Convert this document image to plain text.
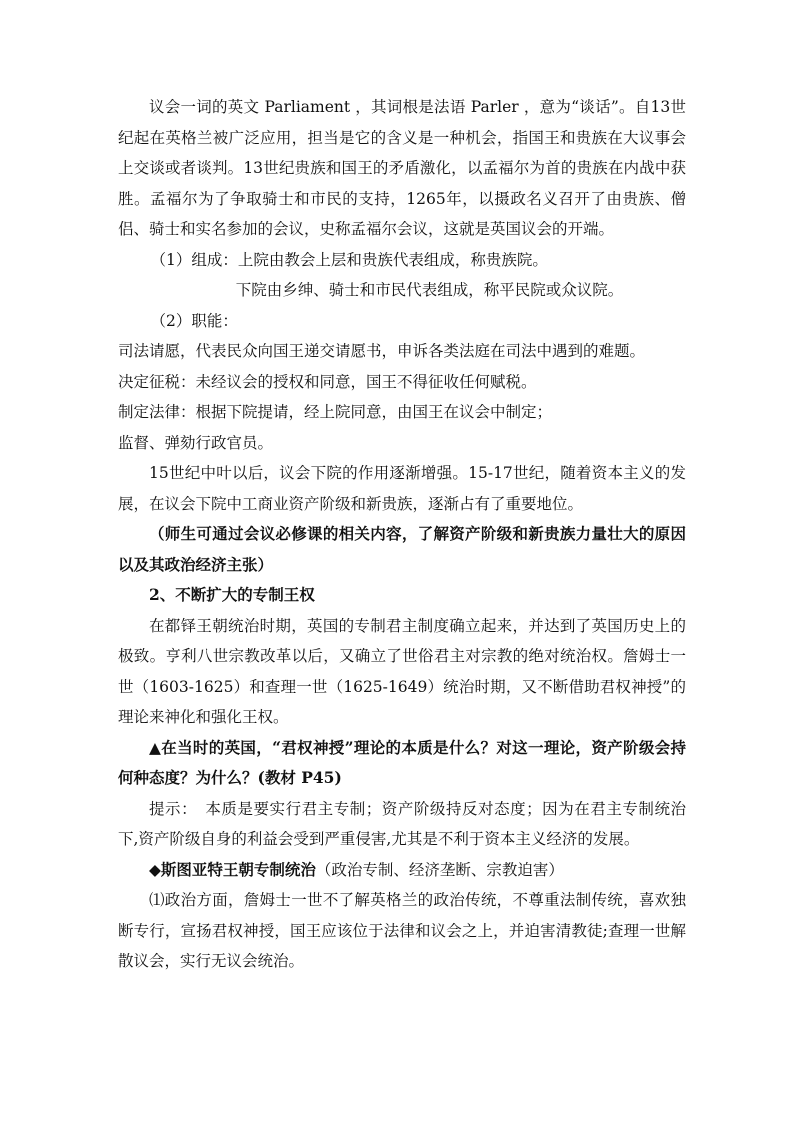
议会一词的英文 Parliament ，其词根是法语 Parler ，意为“谈话”。自13世纪起在英格兰被广泛应用，担当是它的含义是一种机会，指国王和贵族在大议事会上交谈或者谈判。13世纪贵族和国王的矛盾激化，以孟福尔为首的贵族在内战中获胜。孟福尔为了争取骑士和市民的支持，1265年，以摄政名义召开了由贵族、僧侣、骑士和实名参加的会议，史称孟福尔会议，这就是英国议会的开端。

（1）组成：上院由教会上层和贵族代表组成，称贵族院。

下院由乡绅、骑士和市民代表组成，称平民院或众议院。

（2）职能：

司法请愿，代表民众向国王递交请愿书，申诉各类法庭在司法中遇到的难题。

决定征税：未经议会的授权和同意，国王不得征收任何赋税。

制定法律：根据下院提请，经上院同意，由国王在议会中制定；

监督、弹劾行政官员。

15世纪中叶以后，议会下院的作用逐渐增强。15-17世纪，随着资本主义的发展，在议会下院中工商业资产阶级和新贵族，逐渐占有了重要地位。

（师生可通过会议必修课的相关内容，了解资产阶级和新贵族力量壮大的原因以及其政治经济主张）

2、不断扩大的专制王权

在都铎王朝统治时期，英国的专制君主制度确立起来，并达到了英国历史上的极致。亨利八世宗教改革以后，又确立了世俗君主对宗教的绝对统治权。詹姆士一世（1603-1625）和查理一世（1625-1649）统治时期，又不断借助君权神授”的理论来神化和强化王权。

▲在当时的英国，“君权神授”理论的本质是什么？对这一理论，资产阶级会持何种态度？为什么？(教材 P45)

提示：　本质是要实行君主专制；资产阶级持反对态度；因为在君主专制统治下,资产阶级自身的利益会受到严重侵害,尤其是不利于资本主义经济的发展。

◆斯图亚特王朝专制统治（政治专制、经济垄断、宗教迫害）

⑴政治方面，詹姆士一世不了解英格兰的政治传统，不尊重法制传统，喜欢独断专行，宣扬君权神授，国王应该位于法律和议会之上，并迫害清教徒;查理一世解散议会，实行无议会统治。
